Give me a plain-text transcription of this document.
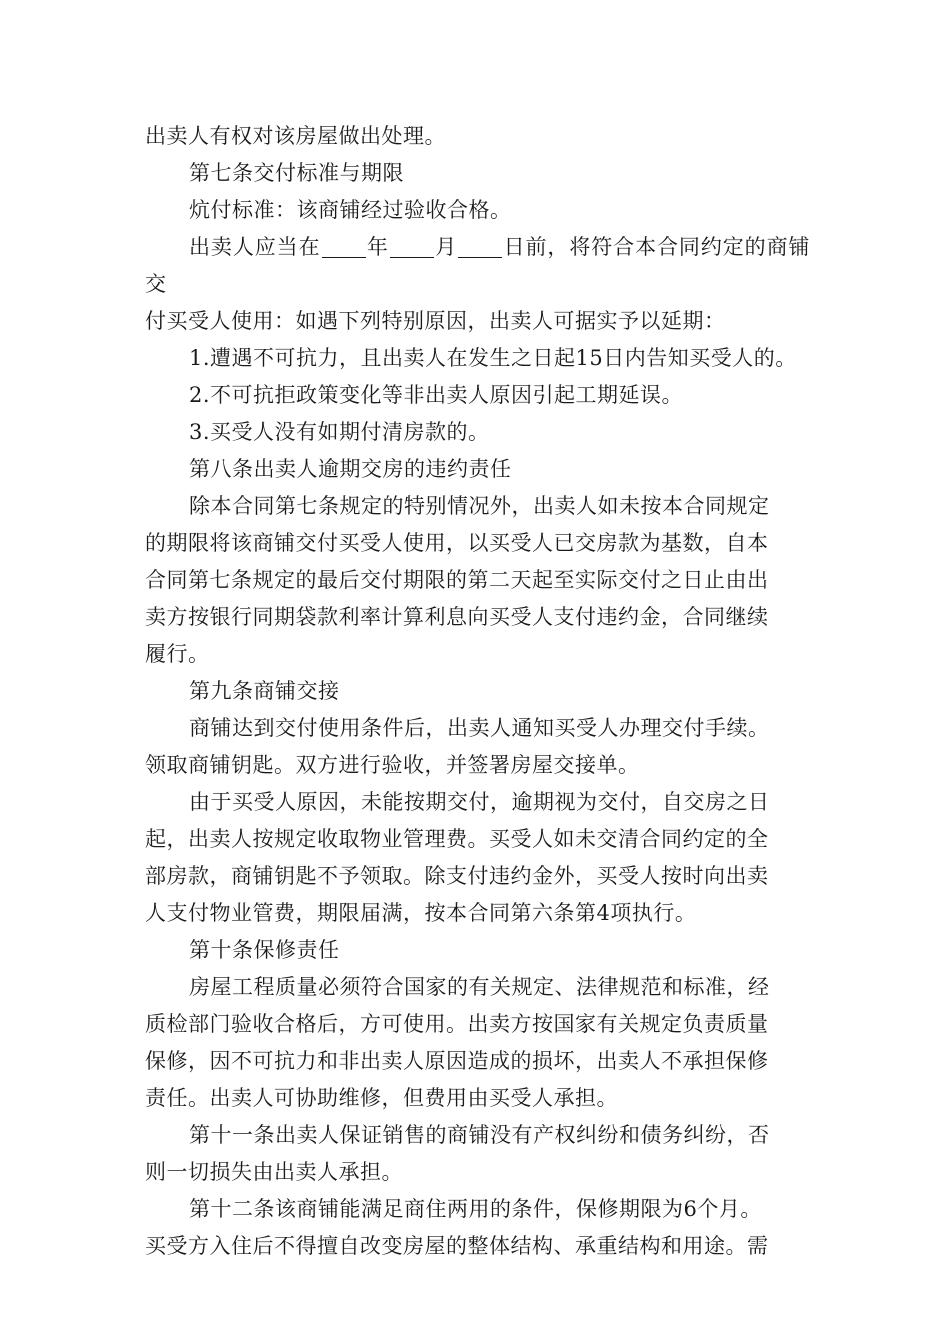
出卖人有权对该房屋做出处理。

第七条交付标准与期限

炕付标准：该商铺经过验收合格。

出卖人应当在 年 月 日前，将符合本合同约定的商铺交
付买受人使用：如遇下列特别原因，出卖人可据实予以延期：

1.遭遇不可抗力，且出卖人在发生之日起15日内告知买受人的。

2.不可抗拒政策变化等非出卖人原因引起工期延误。

3.买受人没有如期付清房款的。

第八条出卖人逾期交房的违约责任

除本合同第七条规定的特别情况外，出卖人如未按本合同规定
的期限将该商铺交付买受人使用，以买受人已交房款为基数，自本
合同第七条规定的最后交付期限的第二天起至实际交付之日止由出
卖方按银行同期袋款利率计算利息向买受人支付违约金，合同继续
履行。

第九条商铺交接

商铺达到交付使用条件后，出卖人通知买受人办理交付手续。
领取商铺钥匙。双方进行验收，并签署房屋交接单。

由于买受人原因，未能按期交付，逾期视为交付，自交房之日
起，出卖人按规定收取物业管理费。买受人如未交清合同约定的全
部房款，商铺钥匙不予领取。除支付违约金外，买受人按时向出卖
人支付物业管费，期限届满，按本合同第六条第4项执行。

第十条保修责任

房屋工程质量必须符合国家的有关规定、法律规范和标准，经
质检部门验收合格后，方可使用。出卖方按国家有关规定负责质量
保修，因不可抗力和非出卖人原因造成的损坏，出卖人不承担保修
责任。出卖人可协助维修，但费用由买受人承担。

第十一条出卖人保证销售的商铺没有产权纠纷和债务纠纷，否
则一切损失由出卖人承担。

第十二条该商铺能满足商住两用的条件，保修期限为6个月。
买受方入住后不得擅自改变房屋的整体结构、承重结构和用途。需
